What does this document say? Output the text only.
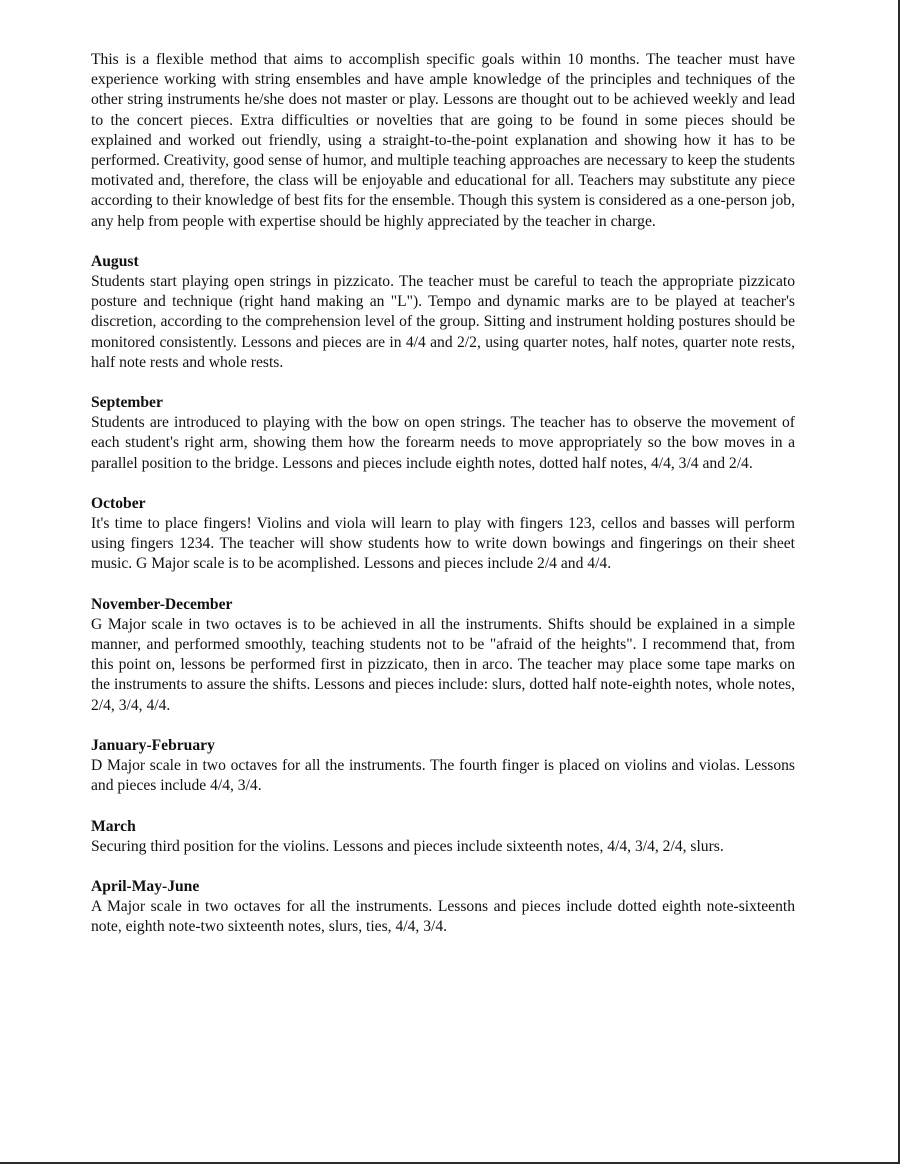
This is a flexible method that aims to accomplish specific goals within 10 months. The teacher must have experience working with string ensembles and have ample knowledge of the principles and techniques of the other string instruments he/she does not master or play. Lessons are thought out to be achieved weekly and lead to the concert pieces. Extra difficulties or novelties that are going to be found in some pieces should be explained and worked out friendly, using a straight-to-the-point explanation and showing how it has to be performed. Creativity, good sense of humor, and multiple teaching approaches are necessary to keep the students motivated and, therefore, the class will be enjoyable and educational for all. Teachers may substitute any piece according to their knowledge of best fits for the ensemble. Though this system is considered as a one-person job, any help from people with expertise should be highly appreciated by the teacher in charge.

August

Students start playing open strings in pizzicato. The teacher must be careful to teach the appropriate pizzicato posture and technique (right hand making an "L"). Tempo and dynamic marks are to be played at teacher's discretion, according to the comprehension level of the group. Sitting and instrument holding postures should be monitored consistently. Lessons and pieces are in 4/4 and 2/2, using quarter notes, half notes, quarter note rests, half note rests and whole rests.

September

Students are introduced to playing with the bow on open strings. The teacher has to observe the movement of each student's right arm, showing them how the forearm needs to move appropriately so the bow moves in a parallel position to the bridge. Lessons and pieces include eighth notes, dotted half notes, 4/4, 3/4 and 2/4.

October

It's time to place fingers! Violins and viola will learn to play with fingers 123, cellos and basses will perform using fingers 1234. The teacher will show students how to write down bowings and fingerings on their sheet music. G Major scale is to be acomplished. Lessons and pieces include 2/4 and 4/4.

November-December

G Major scale in two octaves is to be achieved in all the instruments. Shifts should be explained in a simple manner, and performed smoothly, teaching students not to be "afraid of the heights". I recommend that, from this point on, lessons be performed first in pizzicato, then in arco. The teacher may place some tape marks on the instruments to assure the shifts. Lessons and pieces include: slurs, dotted half note-eighth notes, whole notes, 2/4, 3/4, 4/4.

January-February

D Major scale in two octaves for all the instruments. The fourth finger is placed on violins and violas. Lessons and pieces include 4/4, 3/4.

March

Securing third position for the violins. Lessons and pieces include sixteenth notes, 4/4, 3/4, 2/4, slurs.

April-May-June

A Major scale in two octaves for all the instruments. Lessons and pieces include dotted eighth note-sixteenth note, eighth note-two sixteenth notes, slurs, ties, 4/4, 3/4.
